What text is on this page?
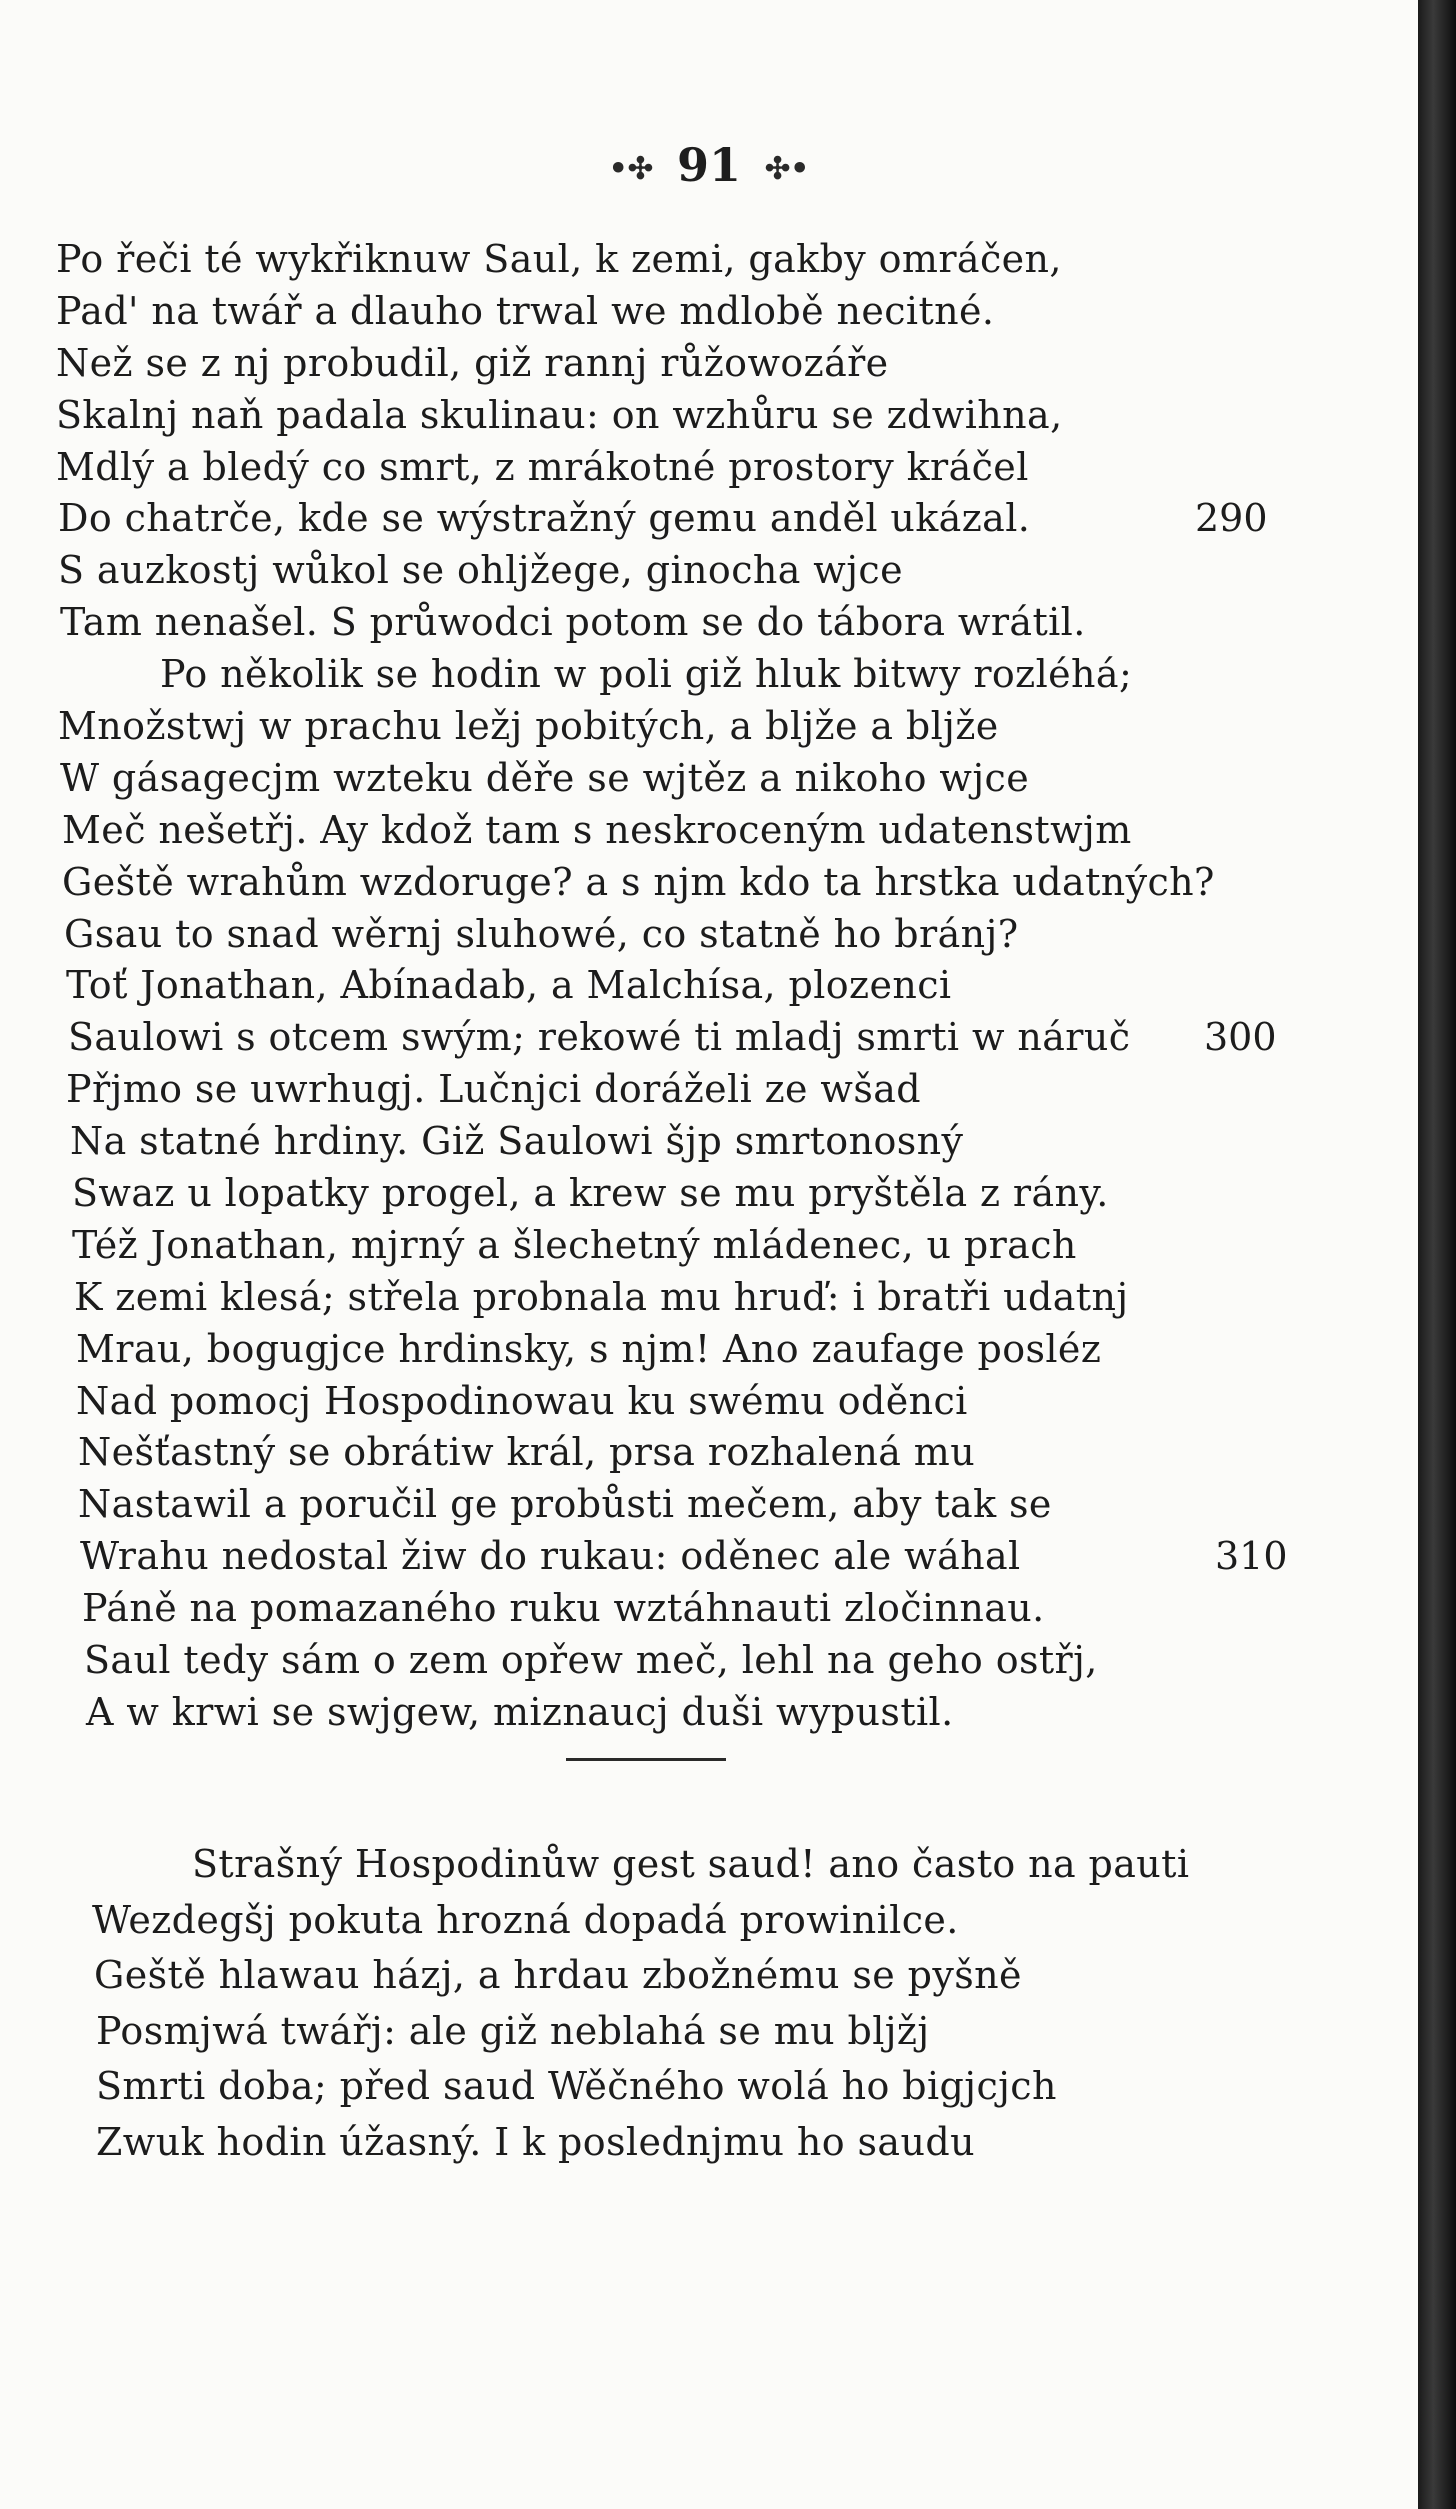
•✣ 91 ✣•
Po řeči té wykřiknuw Saul, k zemi, gakby omráčen,
Pad' na twář a dlauho trwal we mdlobě necitné.
Než se z nj probudil, giž rannj růžowozáře
Skalnj naň padala skulinau: on wzhůru se zdwihna,
Mdlý a bledý co smrt, z mrákotné prostory kráčel
Do chatrče, kde se wýstražný gemu anděl ukázal.	290
S auzkostj wůkol se ohljžege, ginocha wjce
Tam nenašel. S průwodci potom se do tábora wrátil.
Po několik se hodin w poli giž hluk bitwy rozléhá;
Množstwj w prachu ležj pobitých, a bljže a bljže
W gásagecjm wzteku děře se wjtěz a nikoho wjce
Meč nešetřj. Ay kdož tam s neskroceným udatenstwjm
Geště wrahům wzdoruge? a s njm kdo ta hrstka udatných?
Gsau to snad wěrnj sluhowé, co statně ho bránj?
Toť Jonathan, Abínadab, a Malchísa, plozenci
Saulowi s otcem swým; rekowé ti mladj smrti w náruč 300
Přjmo se uwrhugj. Lučnjci doráželi ze wšad
Na statné hrdiny. Giž Saulowi šjp smrtonosný
Swaz u lopatky progel, a krew se mu pryštěla z rány.
Též Jonathan, mjrný a šlechetný mládenec, u prach
K zemi klesá; střela probnala mu hruď: i bratři udatnj
Mrau, bogugjce hrdinsky, s njm! Ano zaufage posléz
Nad pomocj Hospodinowau ku swému oděnci
Nešťastný se obrátiw král, prsa rozhalená mu
Nastawil a poručil ge probůsti mečem, aby tak se
Wrahu nedostal žiw do rukau: oděnec ale wáhal	310
Páně na pomazaného ruku wztáhnauti zločinnau.
Saul tedy sám o zem opřew meč, lehl na geho ostřj,
A w krwi se swjgew, miznaucj duši wypustil.
Strašný Hospodinůw gest saud! ano často na pauti
Wezdegšj pokuta hrozná dopadá prowinilce.
Geště hlawau házj, a hrdau zbožnému se pyšně
Posmjwá twářj: ale giž neblahá se mu bljžj
Smrti doba; před saud Wěčného wolá ho bigjcjch
Zwuk hodin úžasný. I k poslednjmu ho saudu
